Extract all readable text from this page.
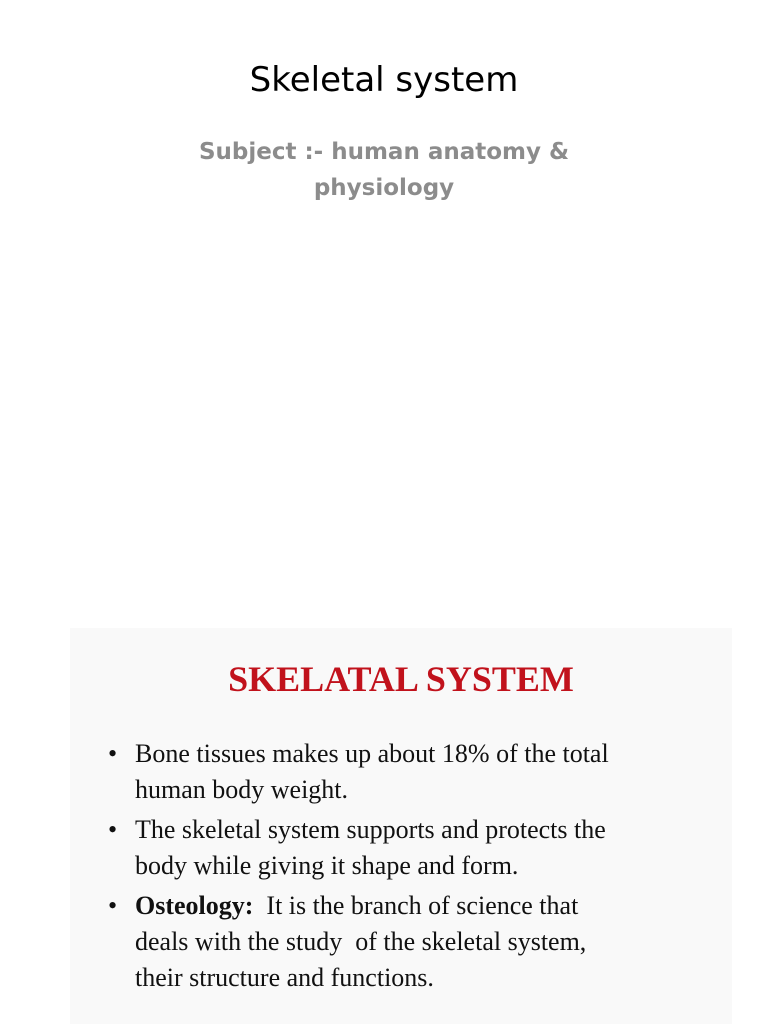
Skeletal system

Subject :- human anatomy &
physiology

SKELATAL SYSTEM
• Bone tissues makes up about 18% of the total
human body weight.
• The skeletal system supports and protects the
body while giving it shape and form.
• Osteology:  It is the branch of science that
deals with the study  of the skeletal system,
their structure and functions.
